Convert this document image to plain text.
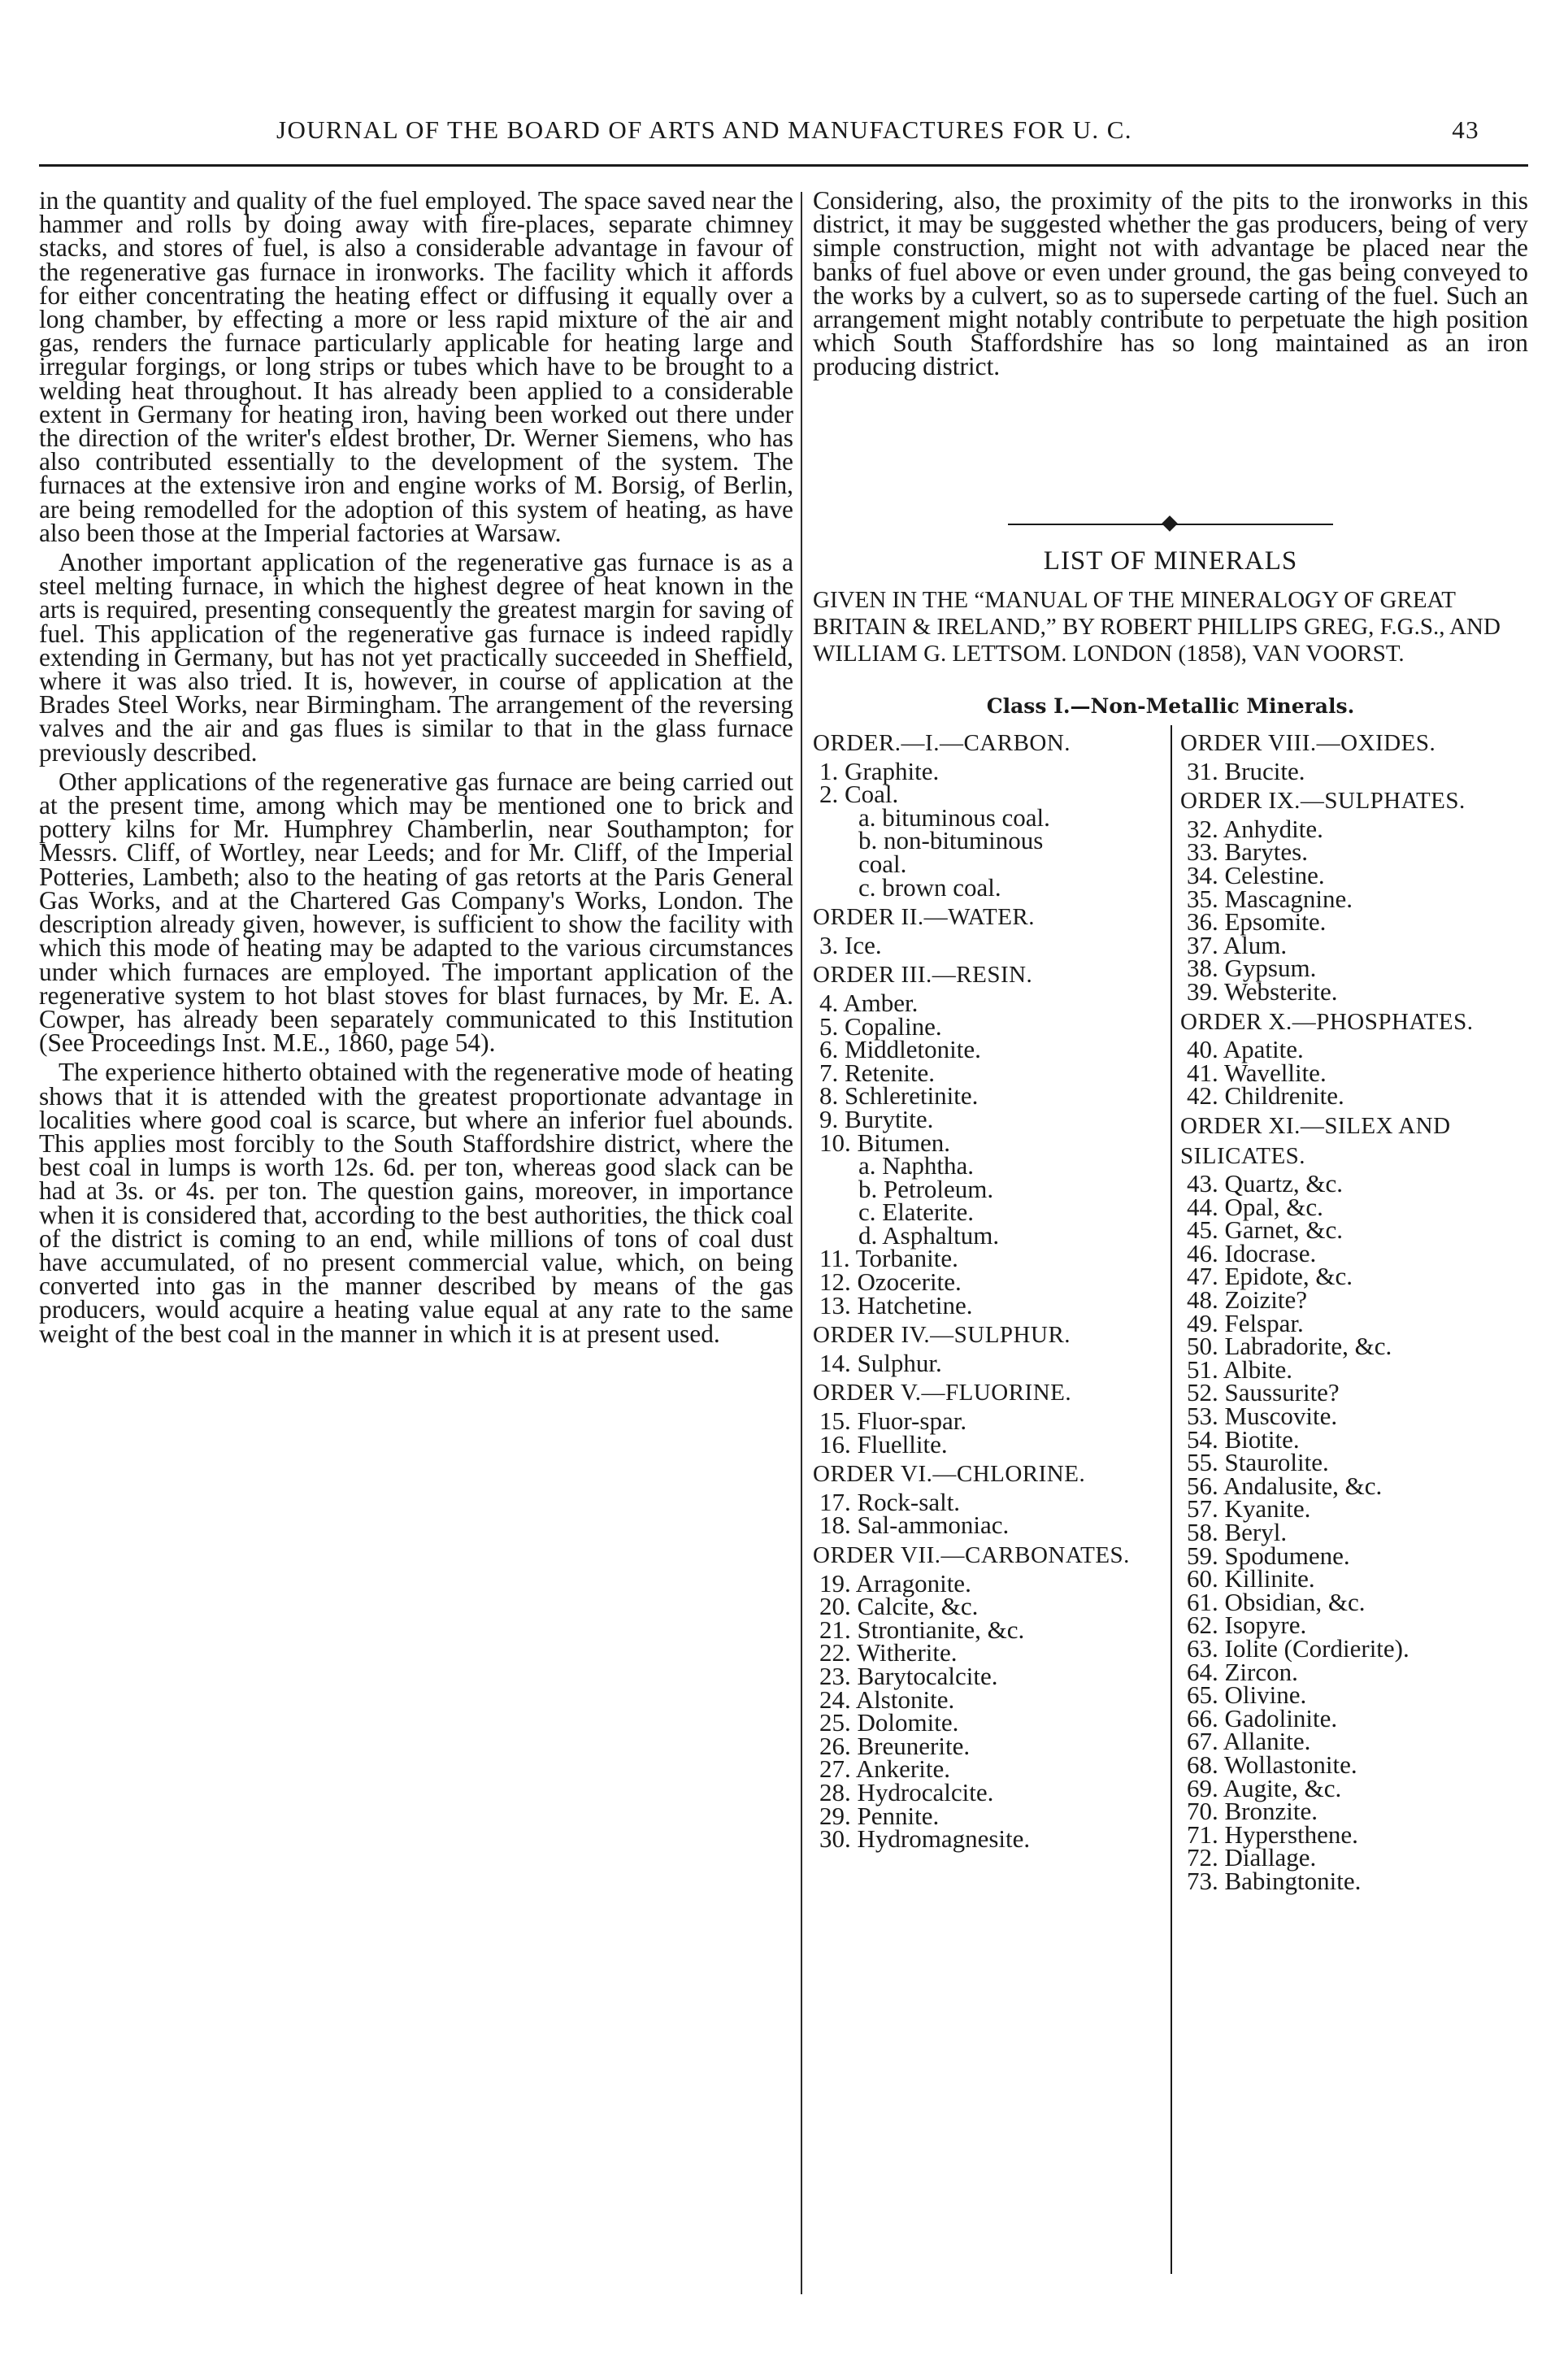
JOURNAL OF THE BOARD OF ARTS AND MANUFACTURES FOR U. C.	43

in the quantity and quality of the fuel employed. The space saved near the hammer and rolls by doing away with fire-places, separate chimney stacks, and stores of fuel, is also a considerable advantage in favour of the regenerative gas furnace in ironworks. The facility which it affords for either concentrating the heating effect or diffusing it equally over a long chamber, by effecting a more or less rapid mixture of the air and gas, renders the furnace particularly applicable for heating large and irregular forgings, or long strips or tubes which have to be brought to a welding heat throughout. It has already been applied to a considerable extent in Germany for heating iron, having been worked out there under the direction of the writer's eldest brother, Dr. Werner Siemens, who has also contributed essentially to the development of the system. The furnaces at the extensive iron and engine works of M. Borsig, of Berlin, are being remodelled for the adoption of this system of heating, as have also been those at the Imperial factories at Warsaw.

Another important application of the regenerative gas furnace is as a steel melting furnace, in which the highest degree of heat known in the arts is required, presenting consequently the greatest margin for saving of fuel. This application of the regenerative gas furnace is indeed rapidly extending in Germany, but has not yet practically succeeded in Sheffield, where it was also tried. It is, however, in course of application at the Brades Steel Works, near Birmingham. The arrangement of the reversing valves and the air and gas flues is similar to that in the glass furnace previously described.

Other applications of the regenerative gas furnace are being carried out at the present time, among which may be mentioned one to brick and pottery kilns for Mr. Humphrey Chamberlin, near Southampton; for Messrs. Cliff, of Wortley, near Leeds; and for Mr. Cliff, of the Imperial Potteries, Lambeth; also to the heating of gas retorts at the Paris General Gas Works, and at the Chartered Gas Company's Works, London. The description already given, however, is sufficient to show the facility with which this mode of heating may be adapted to the various circumstances under which furnaces are employed. The important application of the regenerative system to hot blast stoves for blast furnaces, by Mr. E. A. Cowper, has already been separately communicated to this Institution (See Proceedings Inst. M.E., 1860, page 54).

The experience hitherto obtained with the regenerative mode of heating shows that it is attended with the greatest proportionate advantage in localities where good coal is scarce, but where an inferior fuel abounds. This applies most forcibly to the South Staffordshire district, where the best coal in lumps is worth 12s. 6d. per ton, whereas good slack can be had at 3s. or 4s. per ton. The question gains, moreover, in importance when it is considered that, according to the best authorities, the thick coal of the district is coming to an end, while millions of tons of coal dust have accumulated, of no present commercial value, which, on being converted into gas in the manner described by means of the gas producers, would acquire a heating value equal at any rate to the same weight of the best coal in the manner in which it is at present used.

Considering, also, the proximity of the pits to the ironworks in this district, it may be suggested whether the gas producers, being of very simple construction, might not with advantage be placed near the banks of fuel above or even under ground, the gas being conveyed to the works by a culvert, so as to supersede carting of the fuel. Such an arrangement might notably contribute to perpetuate the high position which South Staffordshire has so long maintained as an iron producing district.

LIST OF MINERALS
GIVEN IN THE “MANUAL OF THE MINERALOGY OF GREAT BRITAIN & IRELAND,” BY ROBERT PHILLIPS GREG, F.G.S., AND WILLIAM G. LETTSOM. LONDON (1858), VAN VOORST.
Class I.—Non-Metallic Minerals.
ORDER.—I.—CARBON.
1. Graphite.
2. Coal.
a. bituminous coal.
b. non-bituminous
coal.
c. brown coal.
ORDER II.—WATER.
3. Ice.
ORDER III.—RESIN.
4. Amber.
5. Copaline.
6. Middletonite.
7. Retenite.
8. Schleretinite.
9. Burytite.
10. Bitumen.
a. Naphtha.
b. Petroleum.
c. Elaterite.
d. Asphaltum.
11. Torbanite.
12. Ozocerite.
13. Hatchetine.
ORDER IV.—SULPHUR.
14. Sulphur.
ORDER V.—FLUORINE.
15. Fluor-spar.
16. Fluellite.
ORDER VI.—CHLORINE.
17. Rock-salt.
18. Sal-ammoniac.
ORDER VII.—CARBONATES.
19. Arragonite.
20. Calcite, &c.
21. Strontianite, &c.
22. Witherite.
23. Barytocalcite.
24. Alstonite.
25. Dolomite.
26. Breunerite.
27. Ankerite.
28. Hydrocalcite.
29. Pennite.
30. Hydromagnesite.
ORDER VIII.—OXIDES.
31. Brucite.
ORDER IX.—SULPHATES.
32. Anhydite.
33. Barytes.
34. Celestine.
35. Mascagnine.
36. Epsomite.
37. Alum.
38. Gypsum.
39. Websterite.
ORDER X.—PHOSPHATES.
40. Apatite.
41. Wavellite.
42. Childrenite.
ORDER XI.—SILEX AND
SILICATES.
43. Quartz, &c.
44. Opal, &c.
45. Garnet, &c.
46. Idocrase.
47. Epidote, &c.
48. Zoizite?
49. Felspar.
50. Labradorite, &c.
51. Albite.
52. Saussurite?
53. Muscovite.
54. Biotite.
55. Staurolite.
56. Andalusite, &c.
57. Kyanite.
58. Beryl.
59. Spodumene.
60. Killinite.
61. Obsidian, &c.
62. Isopyre.
63. Iolite (Cordierite).
64. Zircon.
65. Olivine.
66. Gadolinite.
67. Allanite.
68. Wollastonite.
69. Augite, &c.
70. Bronzite.
71. Hypersthene.
72. Diallage.
73. Babingtonite.
